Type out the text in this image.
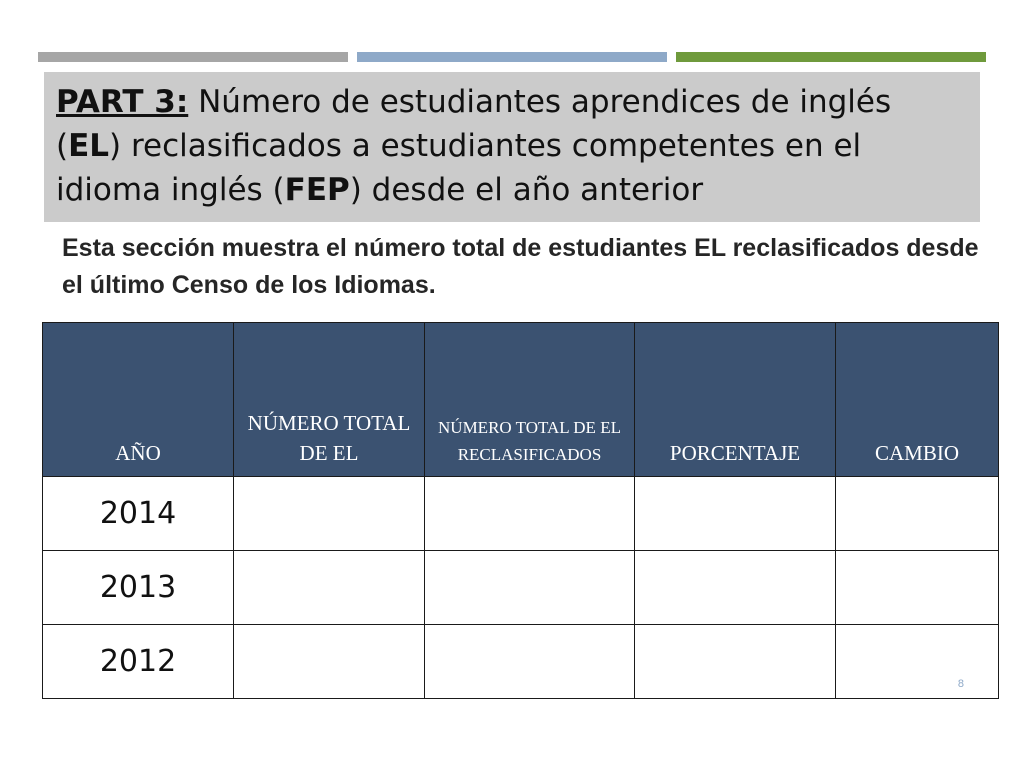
PART 3: Número de estudiantes aprendices de inglés (EL) reclasificados a estudiantes competentes en el idioma inglés (FEP) desde el año anterior

Esta sección muestra el número total de estudiantes EL reclasificados desde el último Censo de los Idiomas.

AÑO	NÚMERO TOTAL DE EL	NÚMERO TOTAL DE EL RECLASIFICADOS	PORCENTAJE	CAMBIO
2014				
2013				
2012				8
